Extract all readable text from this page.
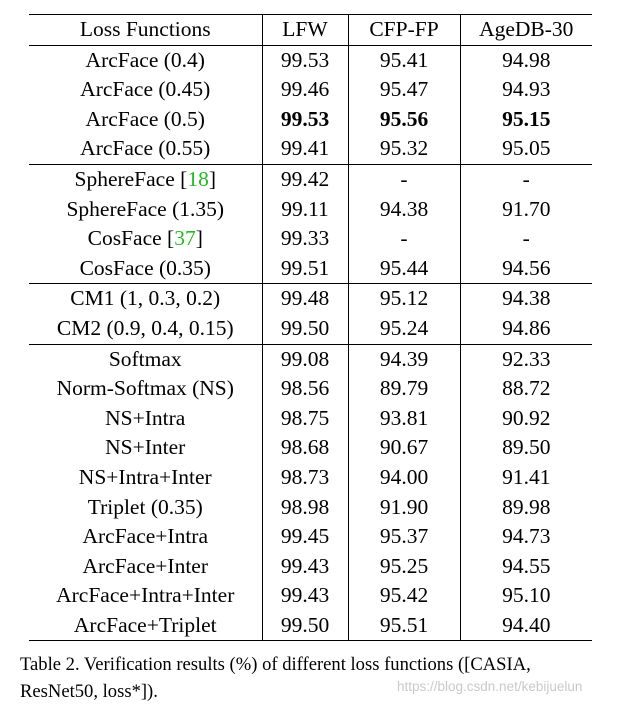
Loss Functions	LFW	CFP-FP	AgeDB-30
ArcFace (0.4)	99.53	95.41	94.98
ArcFace (0.45)	99.46	95.47	94.93
ArcFace (0.5)	99.53	95.56	95.15
ArcFace (0.55)	99.41	95.32	95.05
SphereFace [18]	99.42	-	-
SphereFace (1.35)	99.11	94.38	91.70
CosFace [37]	99.33	-	-
CosFace (0.35)	99.51	95.44	94.56
CM1 (1, 0.3, 0.2)	99.48	95.12	94.38
CM2 (0.9, 0.4, 0.15)	99.50	95.24	94.86
Softmax	99.08	94.39	92.33
Norm-Softmax (NS)	98.56	89.79	88.72
NS+Intra	98.75	93.81	90.92
NS+Inter	98.68	90.67	89.50
NS+Intra+Inter	98.73	94.00	91.41
Triplet (0.35)	98.98	91.90	89.98
ArcFace+Intra	99.45	95.37	94.73
ArcFace+Inter	99.43	95.25	94.55
ArcFace+Intra+Inter	99.43	95.42	95.10
ArcFace+Triplet	99.50	95.51	94.40
Table 2. Verification results (%) of different loss functions ([CASIA, ResNet50, loss*]).	https://blog.csdn.net/kebijuelun
